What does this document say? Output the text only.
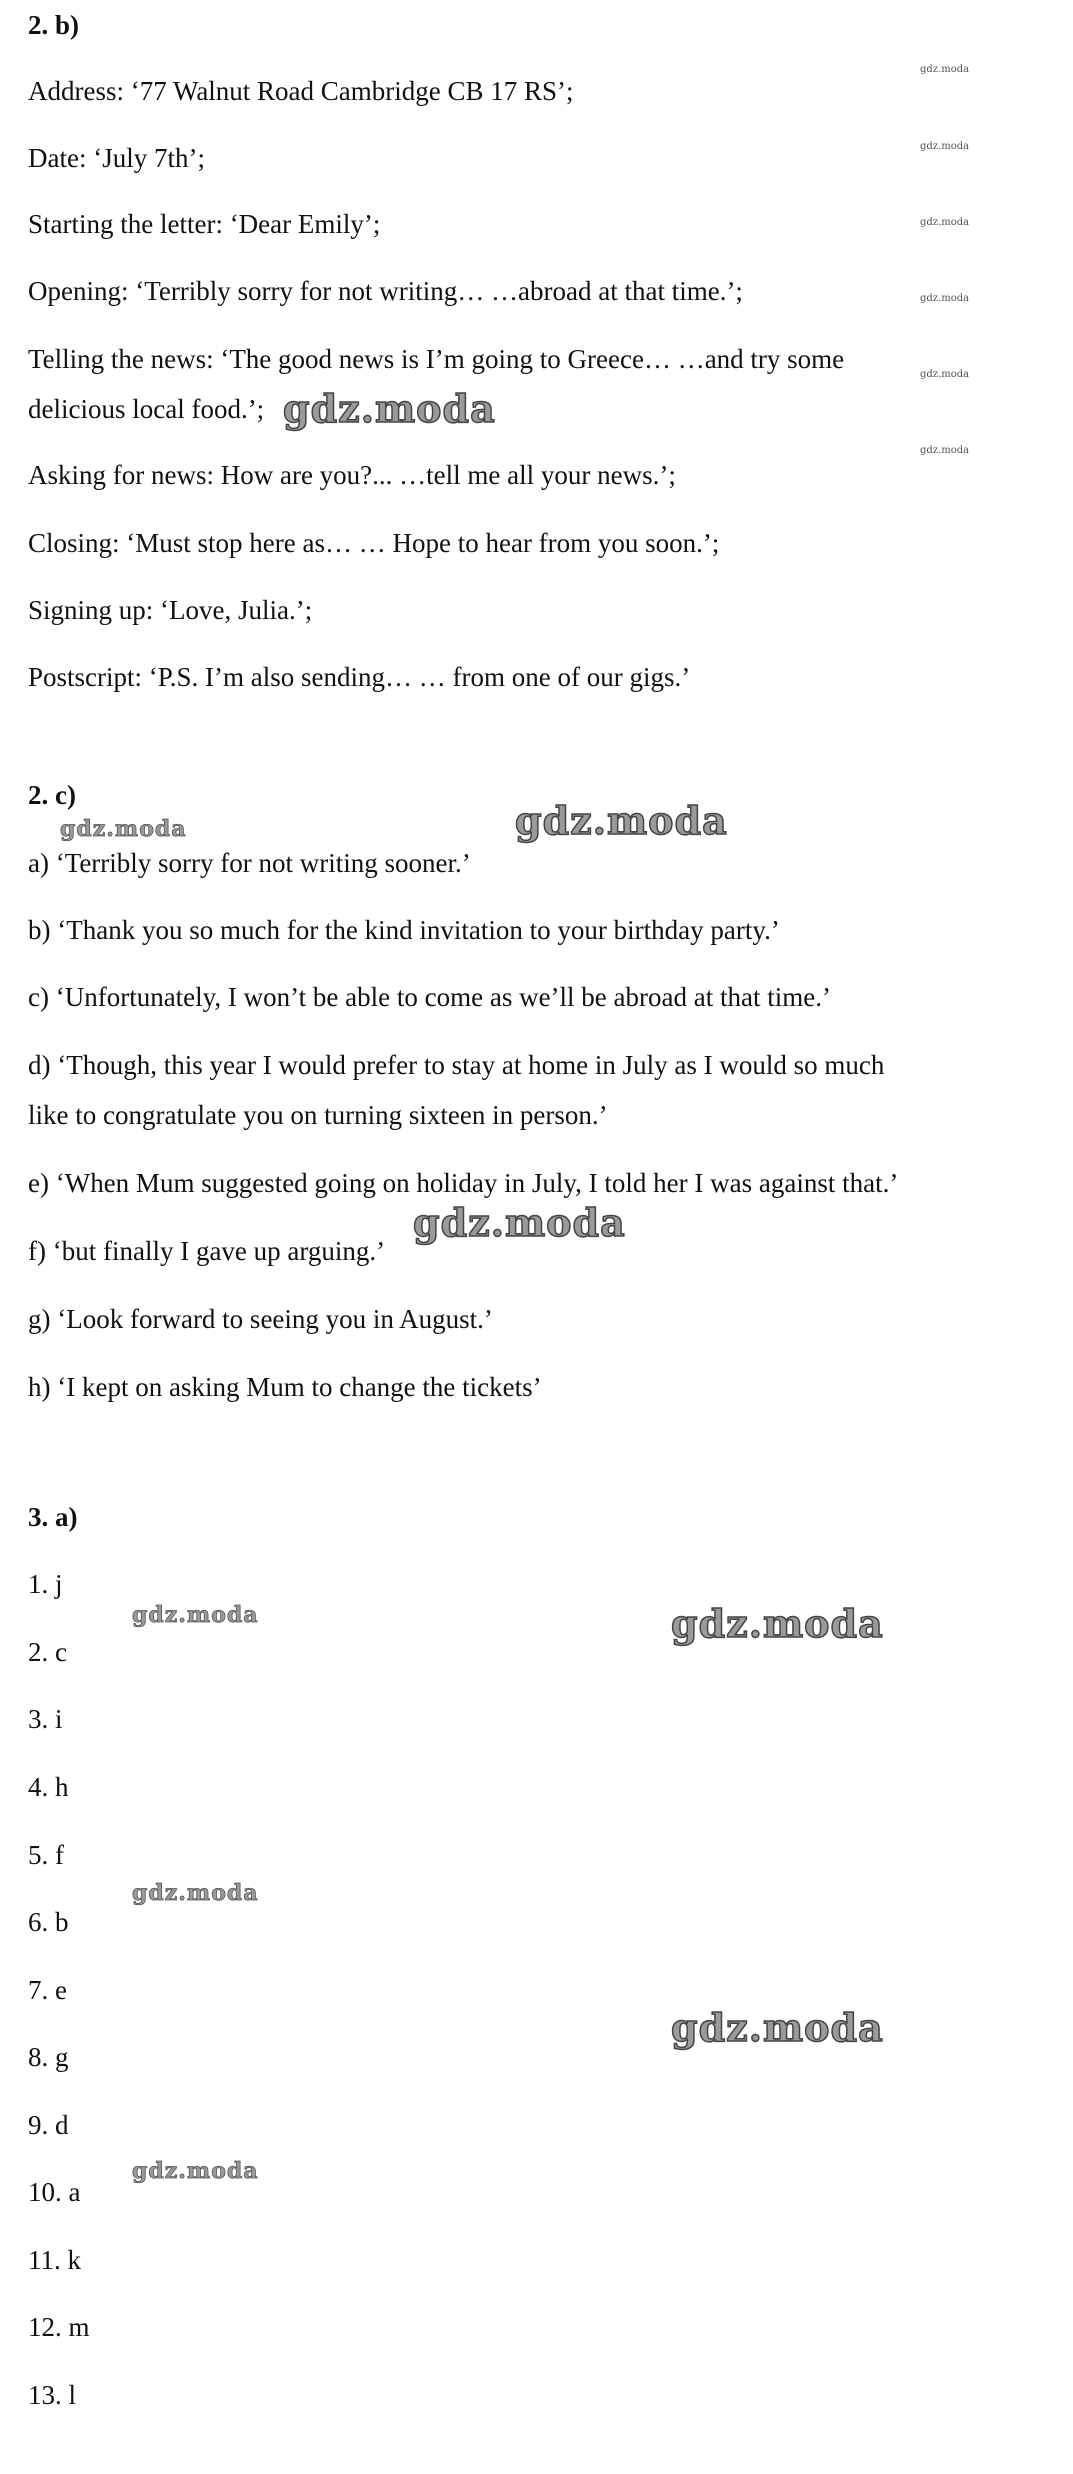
2. b)

Address: ‘77 Walnut Road Cambridge CB 17 RS’;

Date: ‘July 7th’;

Starting the letter: ‘Dear Emily’;

Opening: ‘Terribly sorry for not writing… …abroad at that time.’;

Telling the news: ‘The good news is I’m going to Greece… …and try some

delicious local food.’;

Asking for news: How are you?... …tell me all your news.’;

Closing: ‘Must stop here as… … Hope to hear from you soon.’;

Signing up: ‘Love, Julia.’;

Postscript: ‘P.S. I’m also sending… … from one of our gigs.’

2. c)

a) ‘Terribly sorry for not writing sooner.’

b) ‘Thank you so much for the kind invitation to your birthday party.’

c) ‘Unfortunately, I won’t be able to come as we’ll be abroad at that time.’

d) ‘Though, this year I would prefer to stay at home in July as I would so much

like to congratulate you on turning sixteen in person.’

e) ‘When Mum suggested going on holiday in July, I told her I was against that.’

f) ‘but finally I gave up arguing.’

g) ‘Look forward to seeing you in August.’

h) ‘I kept on asking Mum to change the tickets’

3. a)

1. j

2. c

3. i

4. h

5. f

6. b

7. e

8. g

9. d

10. a

11. k

12. m

13. l

gdz.moda
gdz.moda
gdz.moda
gdz.moda
gdz.moda
gdz.moda
gdz.moda
gdz.moda	gdz.moda
gdz.moda
gdz.moda	gdz.moda
gdz.moda
gdz.moda
gdz.moda
